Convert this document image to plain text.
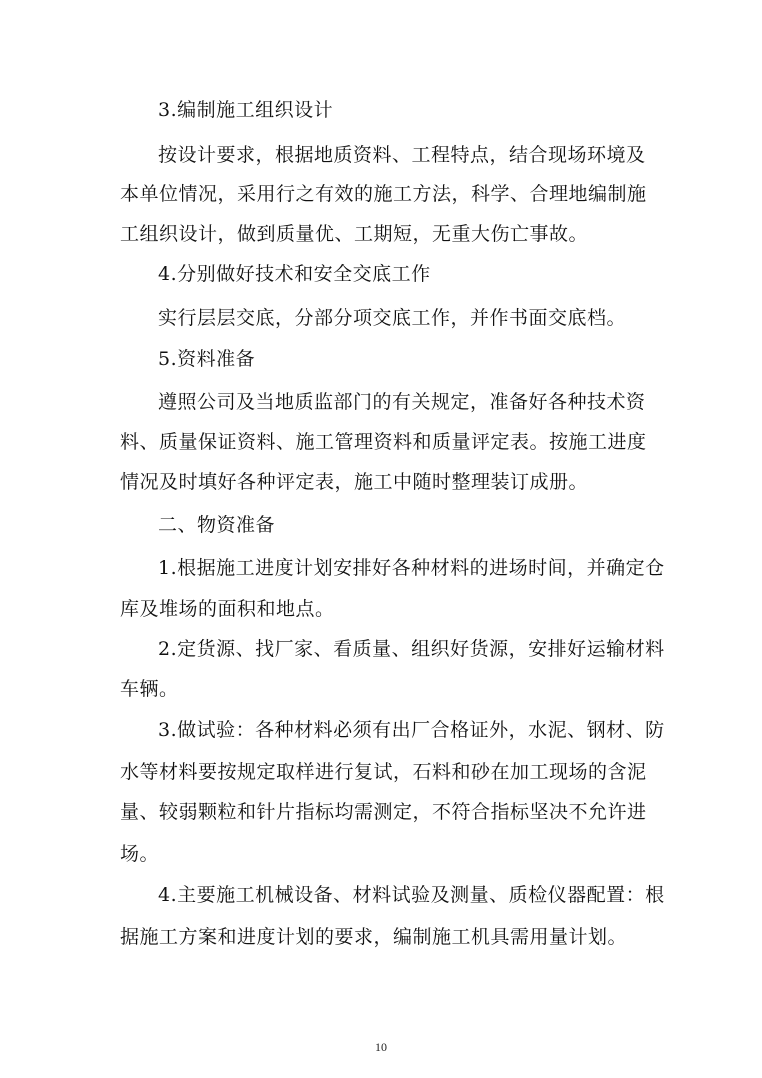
3.编制施工组织设计
按设计要求，根据地质资料、工程特点，结合现场环境及
本单位情况，采用行之有效的施工方法，科学、合理地编制施
工组织设计，做到质量优、工期短，无重大伤亡事故。
4.分别做好技术和安全交底工作
实行层层交底，分部分项交底工作，并作书面交底档。
5.资料准备
遵照公司及当地质监部门的有关规定，准备好各种技术资
料、质量保证资料、施工管理资料和质量评定表。按施工进度
情况及时填好各种评定表，施工中随时整理装订成册。
二、物资准备
1.根据施工进度计划安排好各种材料的进场时间，并确定仓
库及堆场的面积和地点。
2.定货源、找厂家、看质量、组织好货源，安排好运输材料
车辆。
3.做试验：各种材料必须有出厂合格证外，水泥、钢材、防
水等材料要按规定取样进行复试，石料和砂在加工现场的含泥
量、较弱颗粒和针片指标均需测定，不符合指标坚决不允许进
场。
4.主要施工机械设备、材料试验及测量、质检仪器配置：根
据施工方案和进度计划的要求，编制施工机具需用量计划。
10
